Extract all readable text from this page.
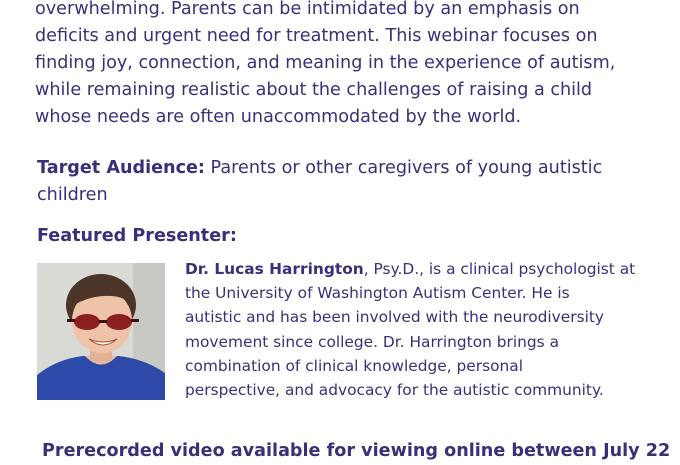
overwhelming. Parents can be intimidated by an emphasis on
deficits and urgent need for treatment. This webinar focuses on
finding joy, connection, and meaning in the experience of autism,
while remaining realistic about the challenges of raising a child
whose needs are often unaccommodated by the world.

Target Audience: Parents or other caregivers of young autistic
children

Featured Presenter:

Dr. Lucas Harrington, Psy.D., is a clinical psychologist at
the University of Washington Autism Center. He is
autistic and has been involved with the neurodiversity
movement since college. Dr. Harrington brings a
combination of clinical knowledge, personal
perspective, and advocacy for the autistic community.

Prerecorded video available for viewing online between July 22
